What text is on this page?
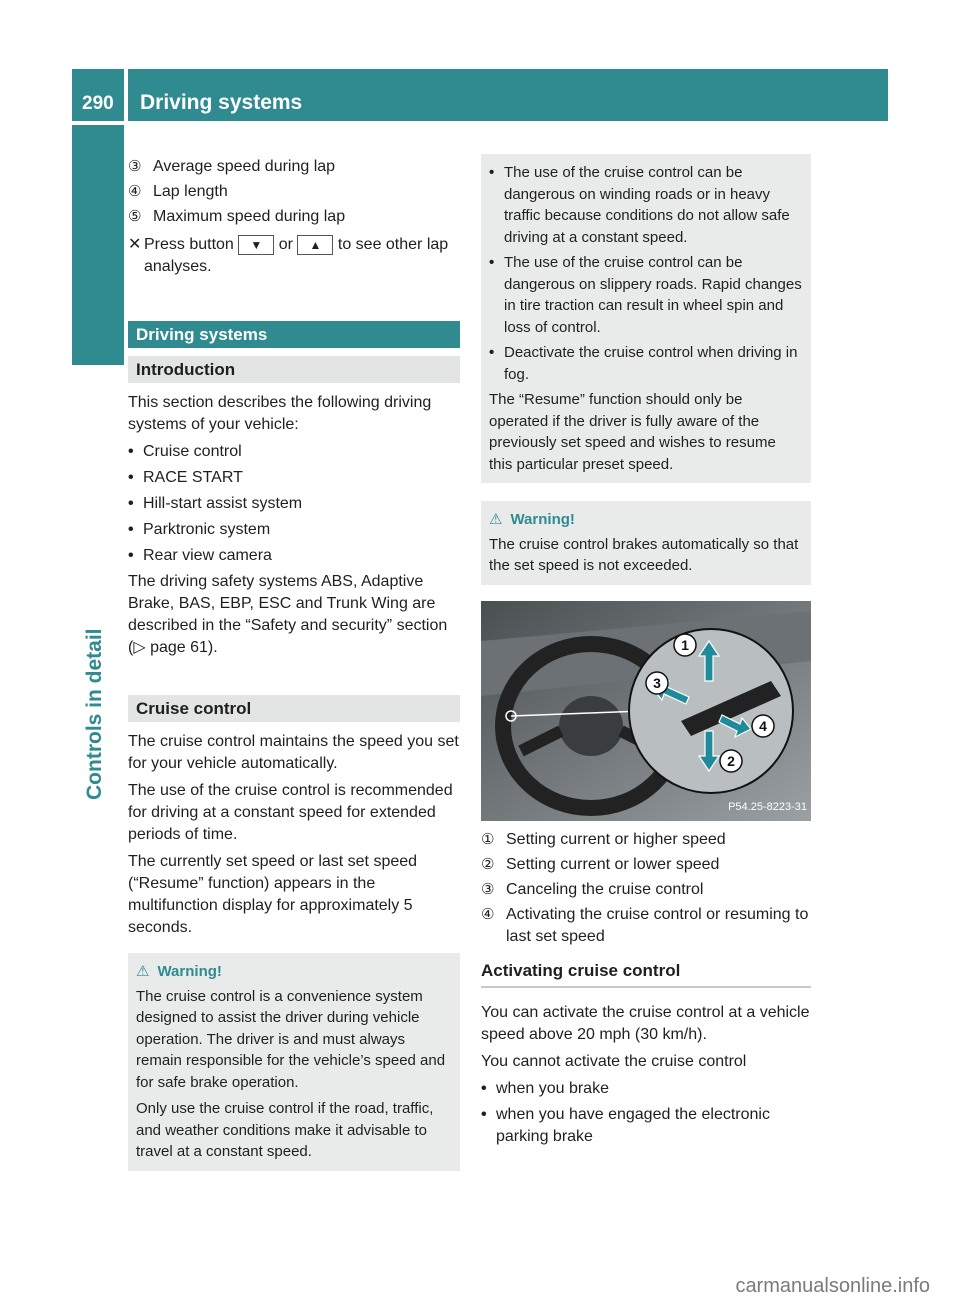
290 Driving systems
Controls in detail
③ Average speed during lap
④ Lap length
⑤ Maximum speed during lap
✕ Press button ▼ or ▲ to see other lap analyses.
Driving systems
Introduction

This section describes the following driving systems of your vehicle:

• Cruise control
• RACE START
• Hill-start assist system
• Parktronic system
• Rear view camera

The driving safety systems ABS, Adaptive Brake, BAS, EBP, ESC and Trunk Wing are described in the “Safety and security” section (▷ page 61).

Cruise control

The cruise control maintains the speed you set for your vehicle automatically.

The use of the cruise control is recommended for driving at a constant speed for extended periods of time.

The currently set speed or last set speed (“Resume” function) appears in the multifunction display for approximately 5 seconds.

⚠ Warning!

The cruise control is a convenience system designed to assist the driver during vehicle operation. The driver is and must always remain responsible for the vehicle’s speed and for safe brake operation.

Only use the cruise control if the road, traffic, and weather conditions make it advisable to travel at a constant speed.

• The use of the cruise control can be dangerous on winding roads or in heavy traffic because conditions do not allow safe driving at a constant speed.
• The use of the cruise control can be dangerous on slippery roads. Rapid changes in tire traction can result in wheel spin and loss of control.
• Deactivate the cruise control when driving in fog.

The “Resume” function should only be operated if the driver is fully aware of the previously set speed and wishes to resume this particular preset speed.

⚠ Warning!

The cruise control brakes automatically so that the set speed is not exceeded.

1
2
3
4
P54.25-8223-31
① Setting current or higher speed
② Setting current or lower speed
③ Canceling the cruise control
④ Activating the cruise control or resuming to last set speed
Activating cruise control

You can activate the cruise control at a vehicle speed above 20 mph (30 km/h).

You cannot activate the cruise control

• when you brake
• when you have engaged the electronic parking brake
carmanualsonline.info
